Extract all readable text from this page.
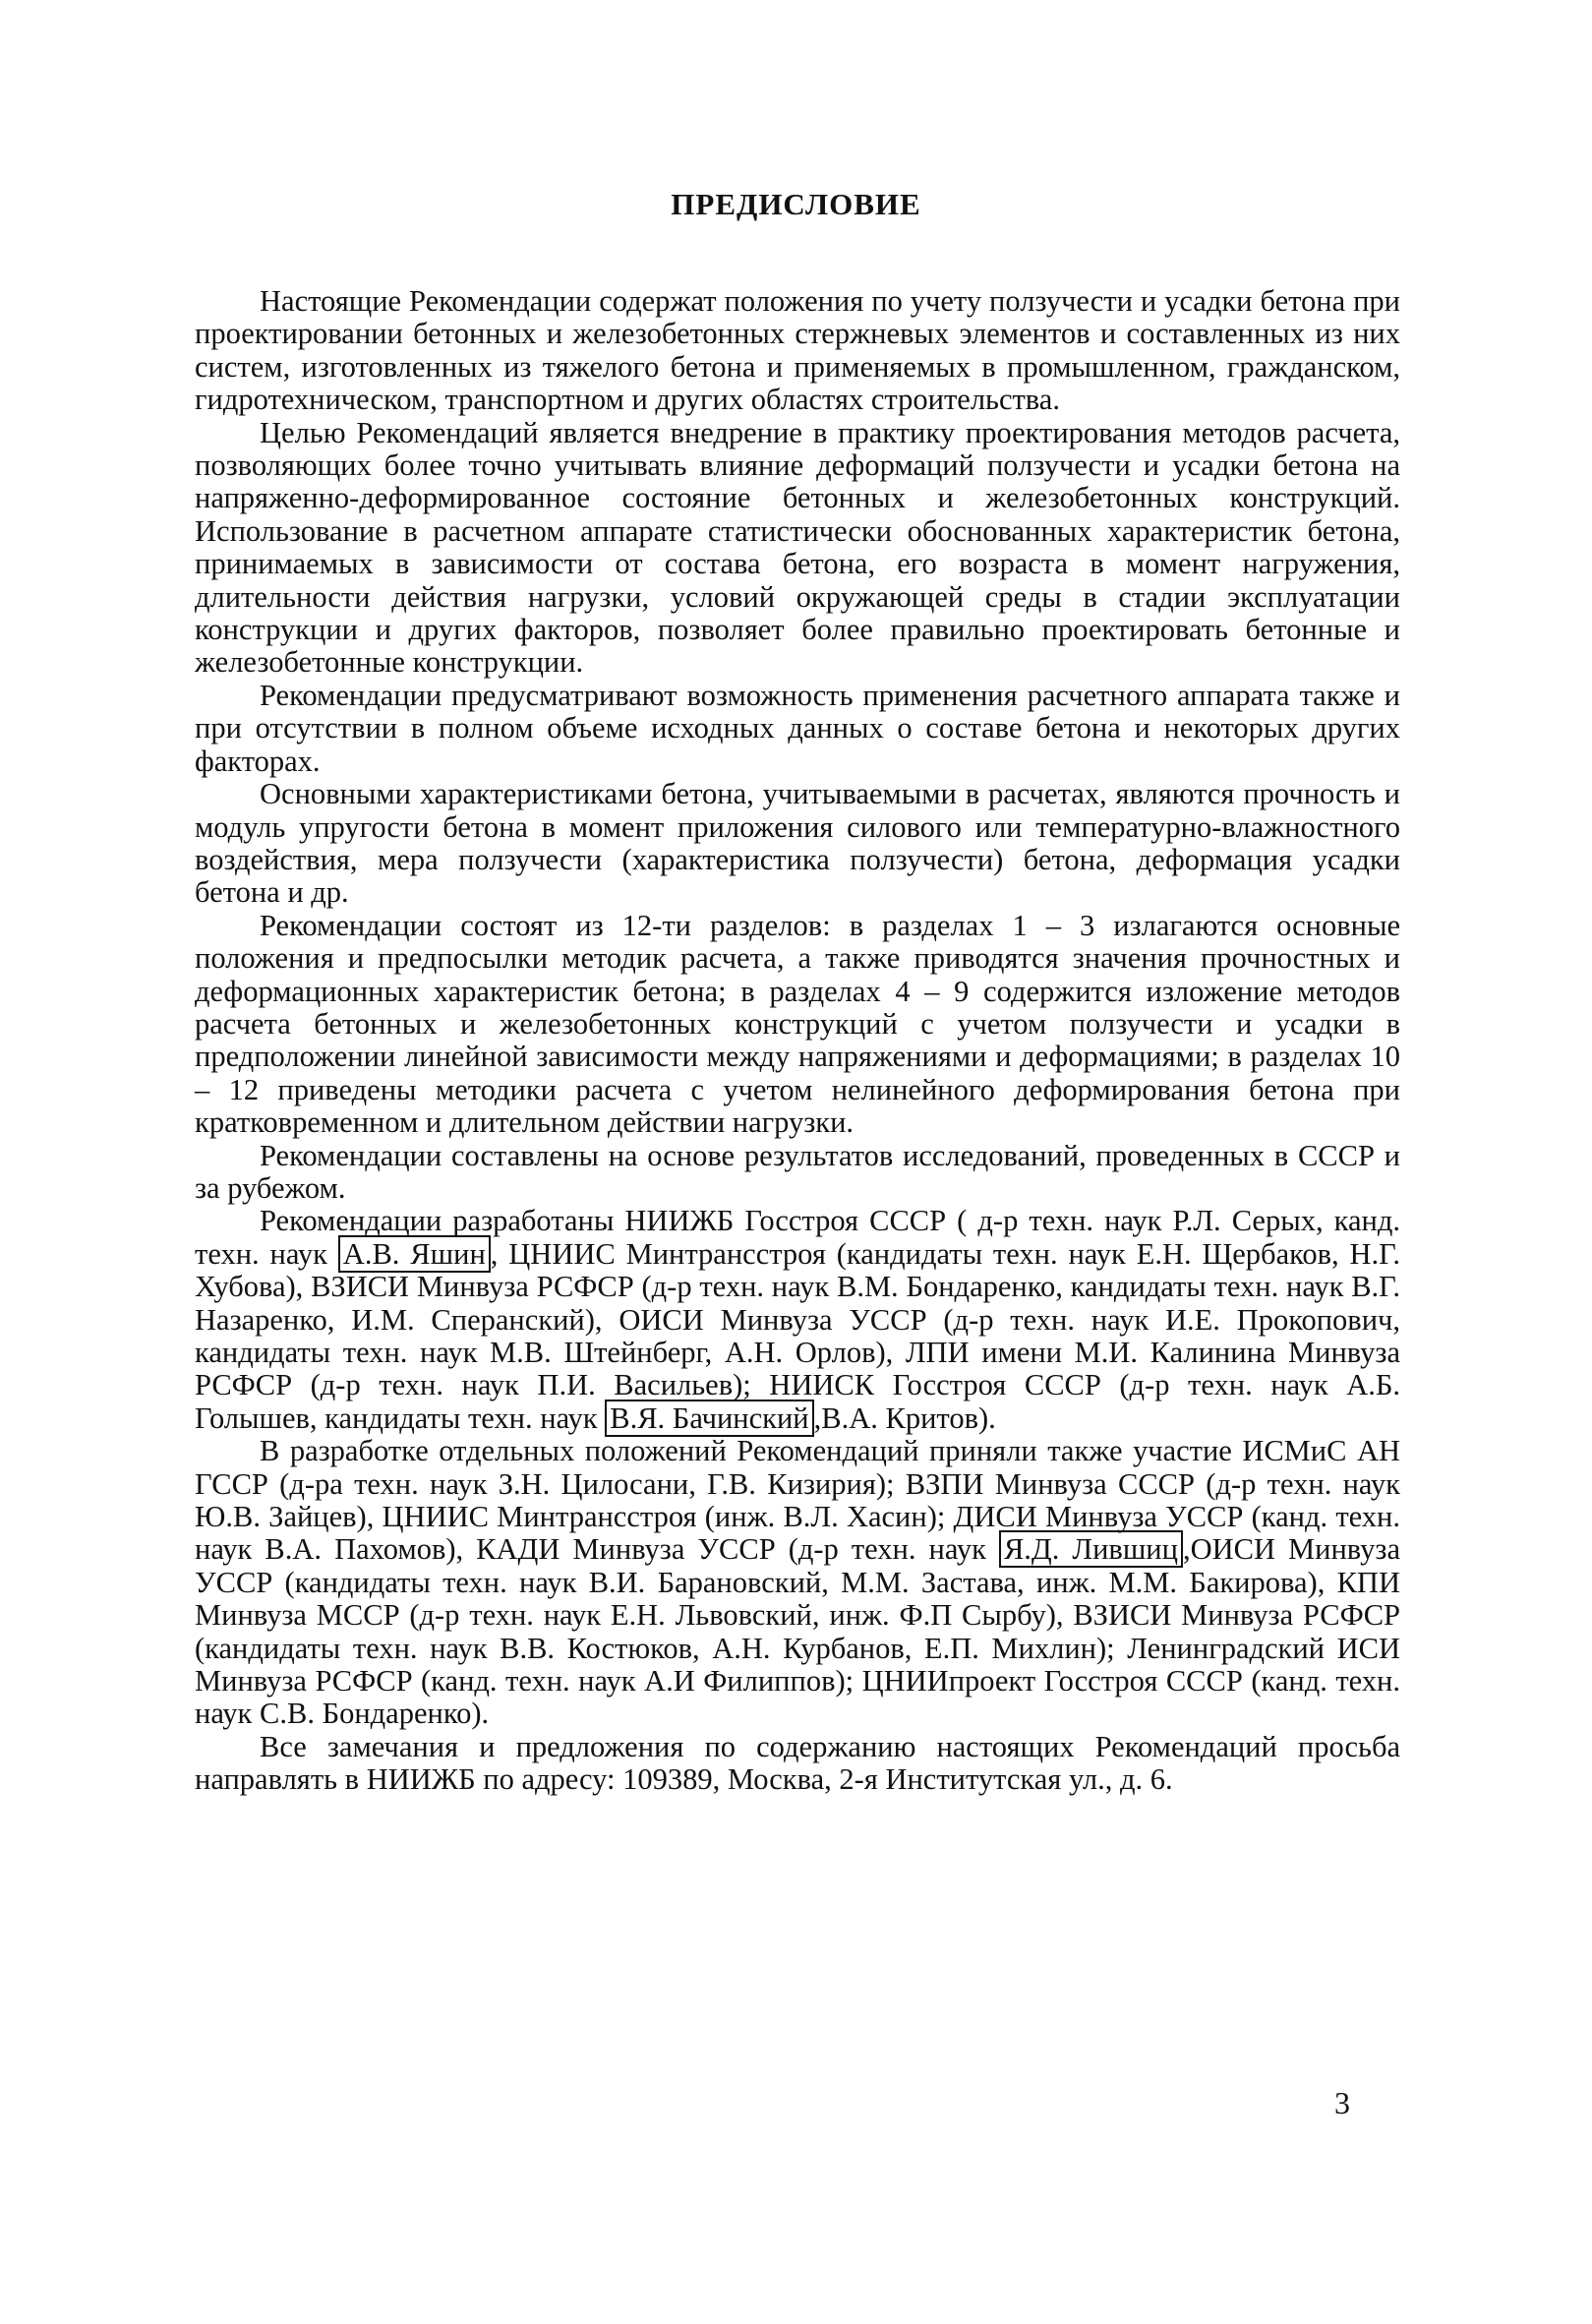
ПРЕДИСЛОВИЕ

Настоящие Рекомендации содержат положения по учету ползучести и усадки бетона при проектировании бетонных и железобетонных стержневых элементов и составленных из них систем, изготовленных из тяжелого бетона и применяемых в промышленном, гражданском, гидротехническом, транспортном и других областях строительства.

Целью Рекомендаций является внедрение в практику проектирования методов расчета, позволяющих более точно учитывать влияние деформаций ползучести и усадки бетона на напряженно-деформированное состояние бетонных и железобетонных конструкций. Использование в расчетном аппарате статистически обоснованных характеристик бетона, принимаемых в зависимости от состава бетона, его возраста в момент нагружения, длительности действия нагрузки, условий окружающей среды в стадии эксплуатации конструкции и других факторов, позволяет более правильно проектировать бетонные и железобетонные конструкции.

Рекомендации предусматривают возможность применения расчетного аппарата также и при отсутствии в полном объеме исходных данных о составе бетона и некоторых других факторах.

Основными характеристиками бетона, учитываемыми в расчетах, являются прочность и модуль упругости бетона в момент приложения силового или температурно-влажностного воздействия, мера ползучести (характеристика ползучести) бетона, деформация усадки бетона и др.

Рекомендации состоят из 12-ти разделов: в разделах 1 – 3 излагаются основные положения и предпосылки методик расчета, а также приводятся значения прочностных и деформационных характеристик бетона; в разделах 4 – 9 содержится изложение методов расчета бетонных и железобетонных конструкций с учетом ползучести и усадки в предположении линейной зависимости между напряжениями и деформациями; в разделах 10 – 12 приведены методики расчета с учетом нелинейного деформирования бетона при кратковременном и длительном действии нагрузки.

Рекомендации составлены на основе результатов исследований, проведенных в СССР и за рубежом.

Рекомендации разработаны НИИЖБ Госстроя СССР ( д-р техн. наук Р.Л. Серых, канд. техн. наук А.В. Яшин , ЦНИИС Минтрансстроя (кандидаты техн. наук Е.Н. Щербаков, Н.Г. Хубова), ВЗИСИ Минвуза РСФСР (д-р техн. наук В.М. Бондаренко, кандидаты техн. наук В.Г. Назаренко, И.М. Сперанский), ОИСИ Минвуза УССР (д-р техн. наук И.Е. Прокопович, кандидаты техн. наук М.В. Штейнберг, А.Н. Орлов), ЛПИ имени М.И. Калинина Минвуза РСФСР (д-р техн. наук П.И. Васильев); НИИСК Госстроя СССР (д-р техн. наук А.Б. Голышев, кандидаты техн. наук В.Я. Бачинский ,В.А. Критов).

В разработке отдельных положений Рекомендаций приняли также участие ИСМиС АН ГССР (д-ра техн. наук З.Н. Цилосани, Г.В. Кизирия); ВЗПИ Минвуза СССР (д-р техн. наук Ю.В. Зайцев), ЦНИИС Минтрансстроя (инж. В.Л. Хасин); ДИСИ Минвуза УССР (канд. техн. наук В.А. Пахомов), КАДИ Минвуза УССР (д-р техн. наук Я.Д. Лившиц ,ОИСИ Минвуза УССР (кандидаты техн. наук В.И. Барановский, М.М. Застава, инж. М.М. Бакирова), КПИ Минвуза МССР (д-р техн. наук Е.Н. Львовский, инж. Ф.П Сырбу), ВЗИСИ Минвуза РСФСР (кандидаты техн. наук В.В. Костюков, А.Н. Курбанов, Е.П. Михлин); Ленинградский ИСИ Минвуза РСФСР (канд. техн. наук А.И Филиппов); ЦНИИпроект Госстроя СССР (канд. техн. наук С.В. Бондаренко).

Все замечания и предложения по содержанию настоящих Рекомендаций просьба направлять в НИИЖБ по адресу: 109389, Москва, 2-я Институтская ул., д. 6.

3
